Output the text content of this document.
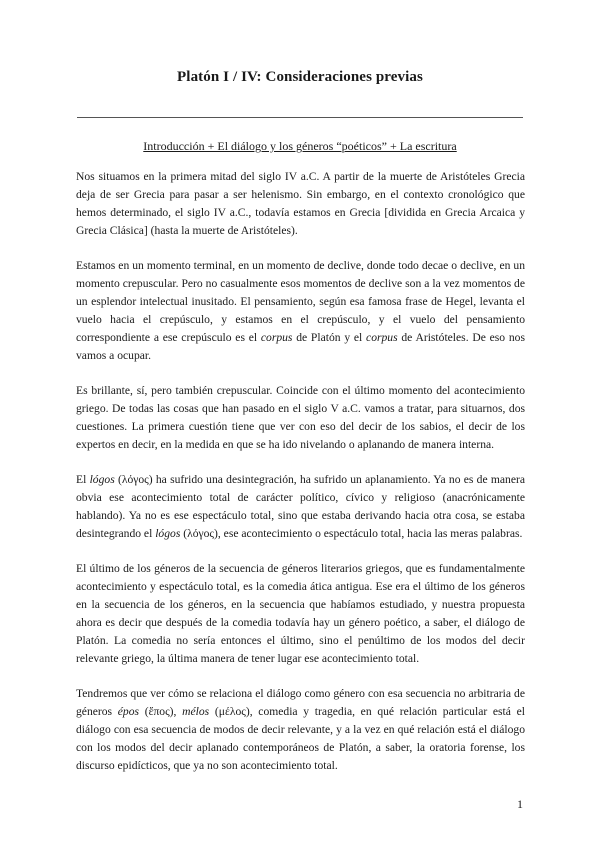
Platón I / IV: Consideraciones previas
Introducción + El diálogo y los géneros “poéticos” + La escritura

Nos situamos en la primera mitad del siglo IV a.C. A partir de la muerte de Aristóteles Grecia deja de ser Grecia para pasar a ser helenismo. Sin embargo, en el contexto cronológico que hemos determinado, el siglo IV a.C., todavía estamos en Grecia [dividida en Grecia Arcaica y Grecia Clásica] (hasta la muerte de Aristóteles).

Estamos en un momento terminal, en un momento de declive, donde todo decae o declive, en un momento crepuscular. Pero no casualmente esos momentos de declive son a la vez momentos de un esplendor intelectual inusitado. El pensamiento, según esa famosa frase de Hegel, levanta el vuelo hacia el crepúsculo, y estamos en el crepúsculo, y el vuelo del pensamiento correspondiente a ese crepúsculo es el corpus de Platón y el corpus de Aristóteles. De eso nos vamos a ocupar.

Es brillante, sí, pero también crepuscular. Coincide con el último momento del acontecimiento griego. De todas las cosas que han pasado en el siglo V a.C. vamos a tratar, para situarnos, dos cuestiones. La primera cuestión tiene que ver con eso del decir de los sabios, el decir de los expertos en decir, en la medida en que se ha ido nivelando o aplanando de manera interna.

El lógos (λόγος) ha sufrido una desintegración, ha sufrido un aplanamiento. Ya no es de manera obvia ese acontecimiento total de carácter político, cívico y religioso (anacrónicamente hablando). Ya no es ese espectáculo total, sino que estaba derivando hacia otra cosa, se estaba desintegrando el lógos (λόγος), ese acontecimiento o espectáculo total, hacia las meras palabras.

El último de los géneros de la secuencia de géneros literarios griegos, que es fundamentalmente acontecimiento y espectáculo total, es la comedia ática antigua. Ese era el último de los géneros en la secuencia de los géneros, en la secuencia que habíamos estudiado, y nuestra propuesta ahora es decir que después de la comedia todavía hay un género poético, a saber, el diálogo de Platón. La comedia no sería entonces el último, sino el penúltimo de los modos del decir relevante griego, la última manera de tener lugar ese acontecimiento total.

Tendremos que ver cómo se relaciona el diálogo como género con esa secuencia no arbitraria de géneros épos (ἔπος), mélos (μέλος), comedia y tragedia, en qué relación particular está el diálogo con esa secuencia de modos de decir relevante, y a la vez en qué relación está el diálogo con los modos del decir aplanado contemporáneos de Platón, a saber, la oratoria forense, los discurso epidícticos, que ya no son acontecimiento total.

1
